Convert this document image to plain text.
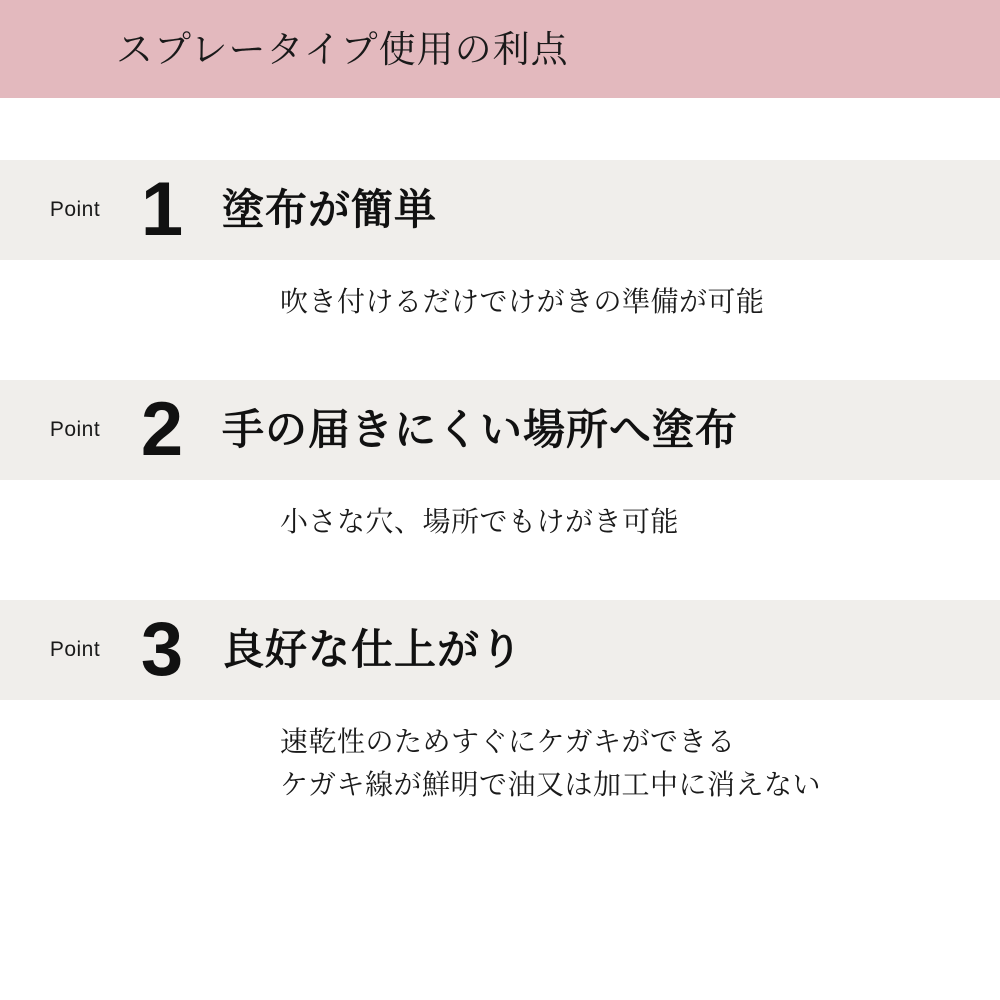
スプレータイプ使用の利点
Point 1 塗布が簡単
吹き付けるだけでけがきの準備が可能
Point 2 手の届きにくい場所へ塗布
小さな穴、場所でもけがき可能
Point 3 良好な仕上がり
速乾性のためすぐにケガキができる
ケガキ線が鮮明で油又は加工中に消えない
